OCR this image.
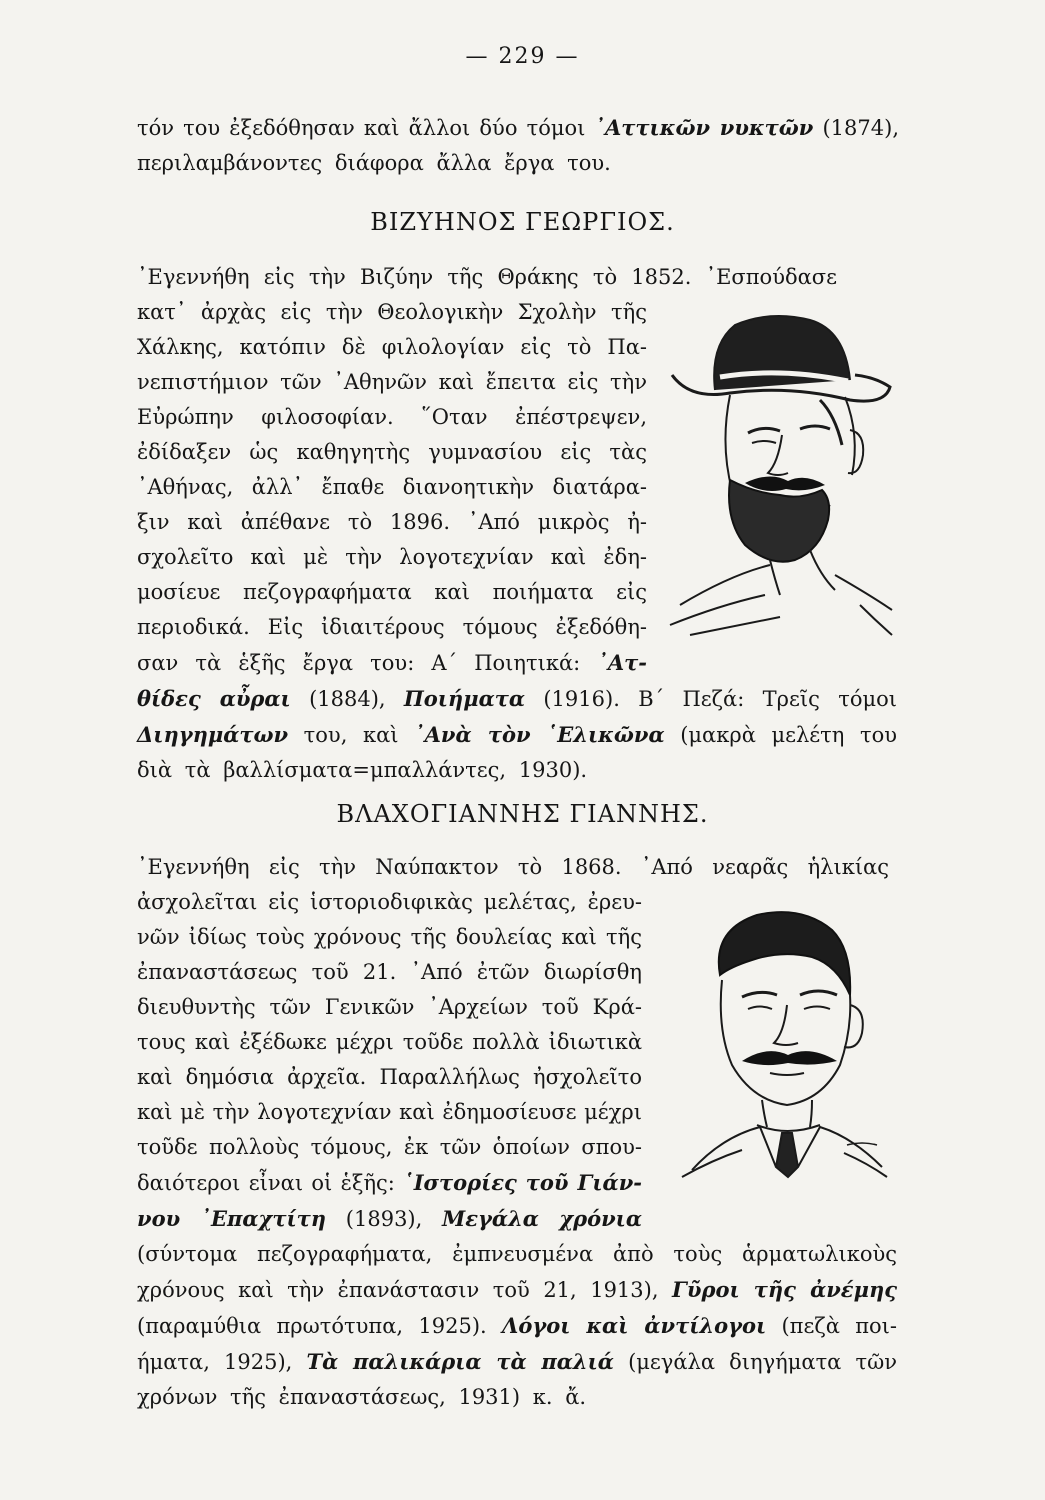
— 229 —
τόν του ἐξεδόθησαν καὶ ἄλλοι δύο τόμοι ᾿Αττικῶν νυκτῶν (1874),
περιλαμβάνοντες διάφορα ἄλλα ἔργα του.
ΒΙΖΥΗΝΟΣ ΓΕΩΡΓΙΟΣ.
᾿Εγεννήθη εἰς τὴν Βιζύην τῆς Θράκης τὸ 1852. ᾿Εσπούδασε
κατ᾿ ἀρχὰς εἰς τὴν Θεολογικὴν Σχολὴν τῆς
Χάλκης, κατόπιν δὲ φιλολογίαν εἰς τὸ Πα-
νεπιστήμιον τῶν ᾿Αθηνῶν καὶ ἔπειτα εἰς τὴν
Εὐρώπην φιλοσοφίαν. ῞Οταν ἐπέστρεψεν,
ἐδίδαξεν ὡς καθηγητὴς γυμνασίου εἰς τὰς
᾿Αθήνας, ἀλλ᾿ ἔπαθε διανοητικὴν διατάρα-
ξιν καὶ ἀπέθανε τὸ 1896. ᾿Από μικρὸς ἠ-
σχολεῖτο καὶ μὲ τὴν λογοτεχνίαν καὶ ἐδη-
μοσίευε πεζογραφήματα καὶ ποιήματα εἰς
περιοδικά. Εἰς ἰδιαιτέρους τόμους ἐξεδόθη-
σαν τὰ ἑξῆς ἔργα του: Α΄ Ποιητικά: ᾿Ατ-
θίδες αὖραι (1884), Ποιήματα (1916). Β΄ Πεζά: Τρεῖς τόμοι
Διηγημάτων του, καὶ ᾿Ανὰ τὸν ῾Ελικῶνα (μακρὰ μελέτη του
διὰ τὰ βαλλίσματα=μπαλλάντες, 1930).
ΒΛΑΧΟΓΙΑΝΝΗΣ ΓΙΑΝΝΗΣ.
᾿Εγεννήθη εἰς τὴν Ναύπακτον τὸ 1868. ᾿Από νεαρᾶς ἡλικίας
ἀσχολεῖται εἰς ἱστοριοδιφικὰς μελέτας, ἐρευ-
νῶν ἰδίως τοὺς χρόνους τῆς δουλείας καὶ τῆς
ἐπαναστάσεως τοῦ 21. ᾿Από ἐτῶν διωρίσθη
διευθυντὴς τῶν Γενικῶν ᾿Αρχείων τοῦ Κρά-
τους καὶ ἐξέδωκε μέχρι τοῦδε πολλὰ ἰδιωτικὰ
καὶ δημόσια ἀρχεῖα. Παραλλήλως ἠσχολεῖτο
καὶ μὲ τὴν λογοτεχνίαν καὶ ἐδημοσίευσε μέχρι
τοῦδε πολλοὺς τόμους, ἐκ τῶν ὁποίων σπου-
δαιότεροι εἶναι οἱ ἑξῆς: ῾Ιστορίες τοῦ Γιάν-
νου ᾿Επαχτίτη (1893), Μεγάλα χρόνια
(σύντομα πεζογραφήματα, ἐμπνευσμένα ἀπὸ τοὺς ἁρματωλικοὺς
χρόνους καὶ τὴν ἐπανάστασιν τοῦ 21, 1913), Γῦροι τῆς ἀνέμης
(παραμύθια πρωτότυπα, 1925). Λόγοι καὶ ἀντίλογοι (πεζὰ ποι-
ήματα, 1925), Τὰ παλικάρια τὰ παλιά (μεγάλα διηγήματα τῶν
χρόνων τῆς ἐπαναστάσεως, 1931) κ. ἄ.
